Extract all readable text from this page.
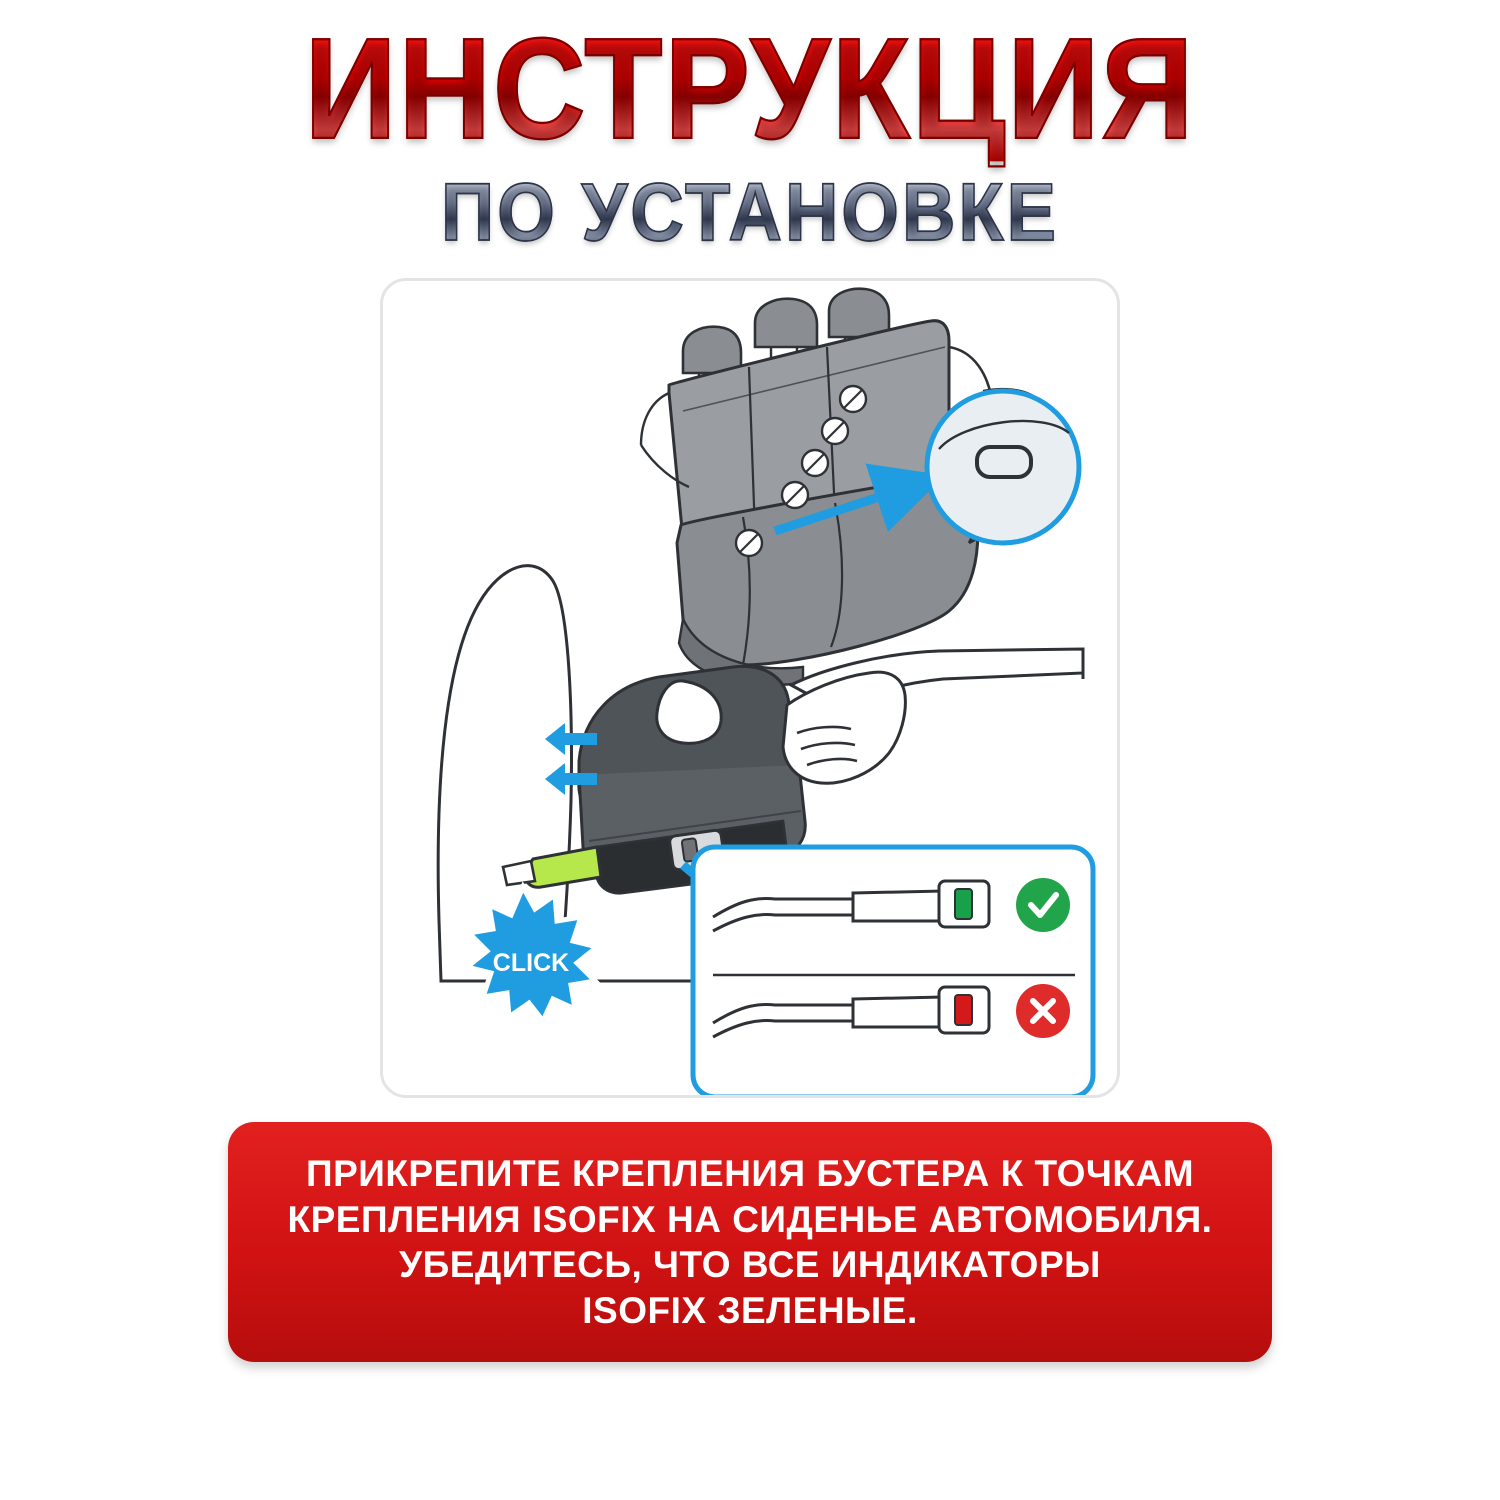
ИНСТРУКЦИЯ
ПО УСТАНОВКЕ
CLICK
ПРИКРЕПИТЕ КРЕПЛЕНИЯ БУСТЕРА К ТОЧКАМ
КРЕПЛЕНИЯ ISOFIX НА СИДЕНЬЕ АВТОМОБИЛЯ.
УБЕДИТЕСЬ, ЧТО ВСЕ ИНДИКАТОРЫ
ISOFIX ЗЕЛЕНЫЕ.
